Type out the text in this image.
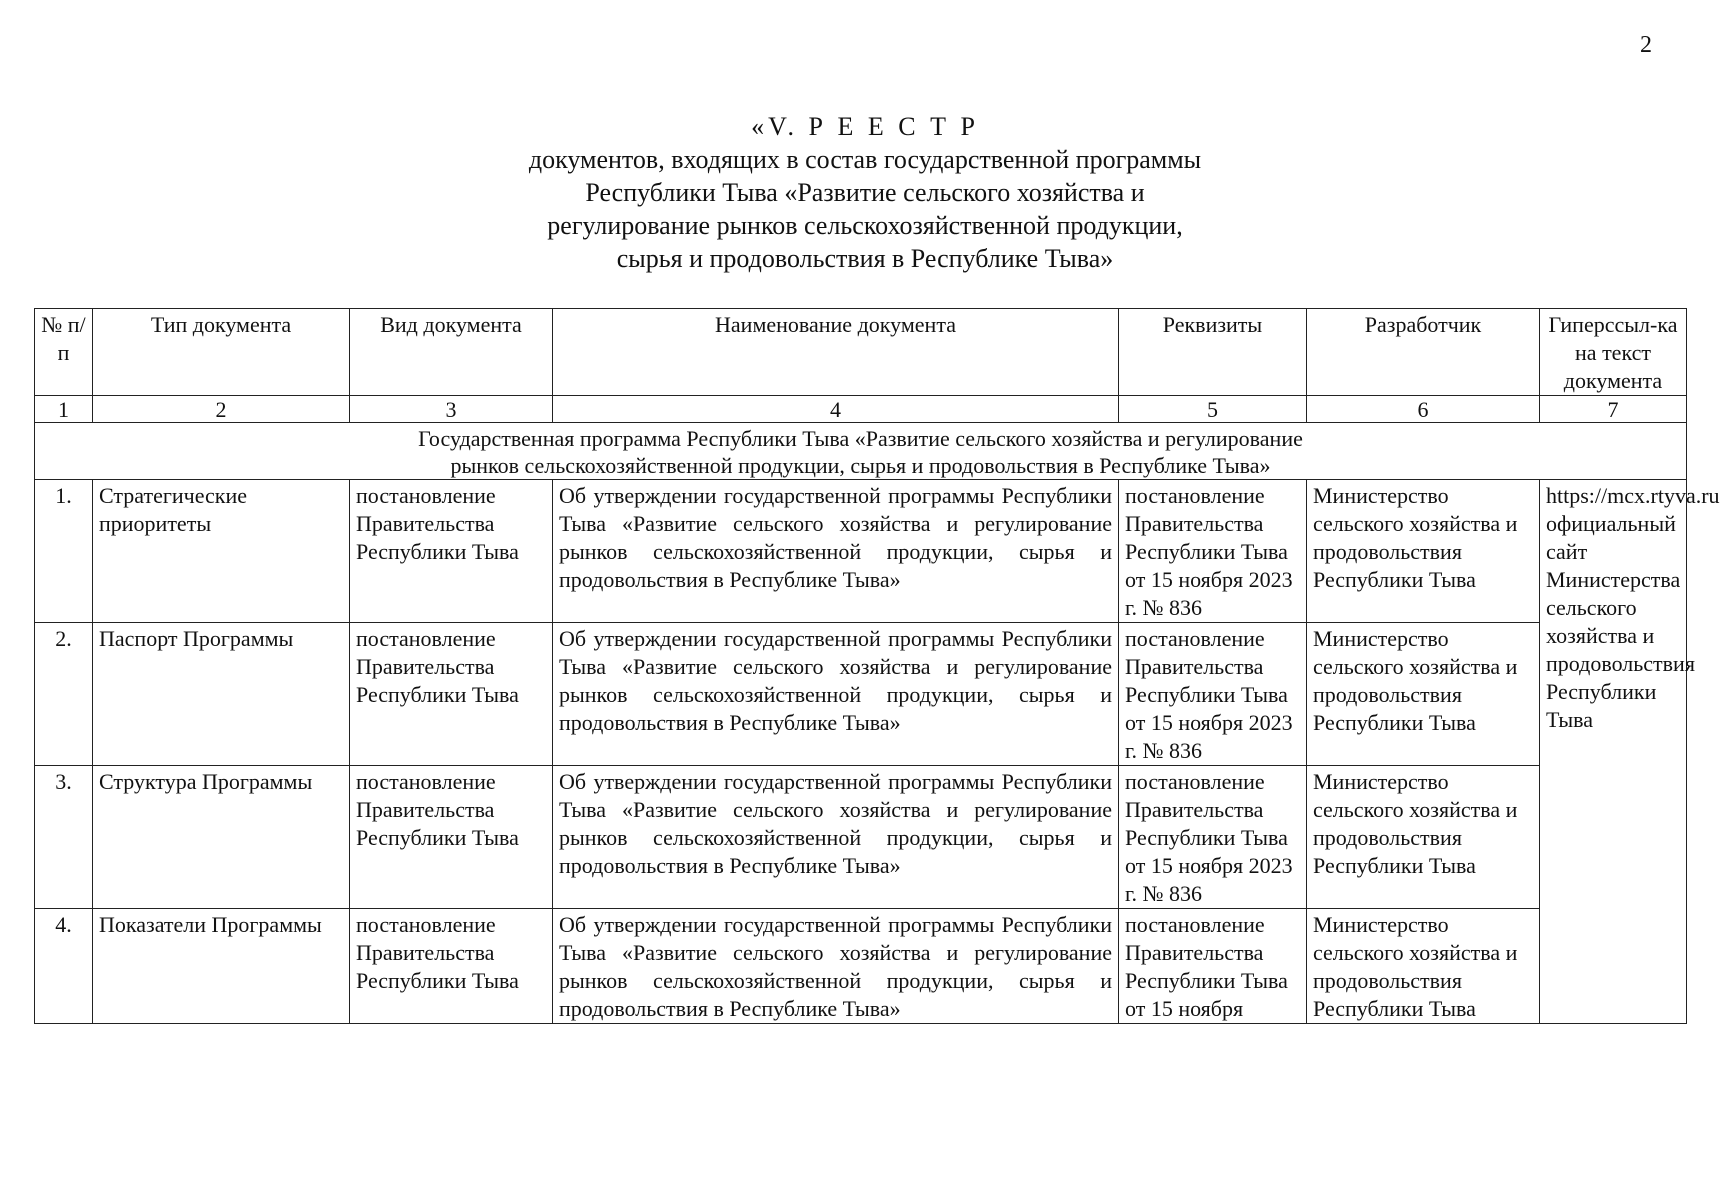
2
«V. Р Е Е С Т Р
документов, входящих в состав государственной программы
Республики Тыва «Развитие сельского хозяйства и
регулирование рынков сельскохозяйственной продукции,
сырья и продовольствия в Республике Тыва»
№ п/п	Тип документа	Вид документа	Наименование документа	Реквизиты	Разработчик	Гиперссыл-ка на текст документа
1	2	3	4	5	6	7

Государственная программа Республики Тыва «Развитие сельского хозяйства и регулирование
рынков сельскохозяйственной продукции, сырья и продовольствия в Республике Тыва»						

1.	Стратегические приоритеты	постановление Правительства Республики Тыва	Об утверждении государственной программы Республики Тыва «Развитие сельского хозяйства и регулирование рынков сельскохозяйственной продукции, сырья и продовольствия в Республике Тыва»	постановление Правительства Республики Тыва от 15 ноября 2023 г. № 836	Министерство сельского хозяйства и продовольствия Республики Тыва	https://mcx.rtyva.ru официальный сайт Министерства сельского хозяйства и продовольствия Республики Тыва
2.	Паспорт Программы	постановление Правительства Республики Тыва	Об утверждении государственной программы Республики Тыва «Развитие сельского хозяйства и регулирование рынков сельскохозяйственной продукции, сырья и продовольствия в Республике Тыва»	постановление Правительства Республики Тыва от 15 ноября 2023 г. № 836	Министерство сельского хозяйства и продовольствия Республики Тыва	
3.	Структура Программы	постановление Правительства Республики Тыва	Об утверждении государственной программы Республики Тыва «Развитие сельского хозяйства и регулирование рынков сельскохозяйственной продукции, сырья и продовольствия в Республике Тыва»	постановление Правительства Республики Тыва от 15 ноября 2023 г. № 836	Министерство сельского хозяйства и продовольствия Республики Тыва	
4.	Показатели Программы	постановление Правительства Республики Тыва	Об утверждении государственной программы Республики Тыва «Развитие сельского хозяйства и регулирование рынков сельскохозяйственной продукции, сырья и продовольствия в Республике Тыва»	постановление Правительства Республики Тыва от 15 ноября	Министерство сельского хозяйства и продовольствия Республики Тыва	
